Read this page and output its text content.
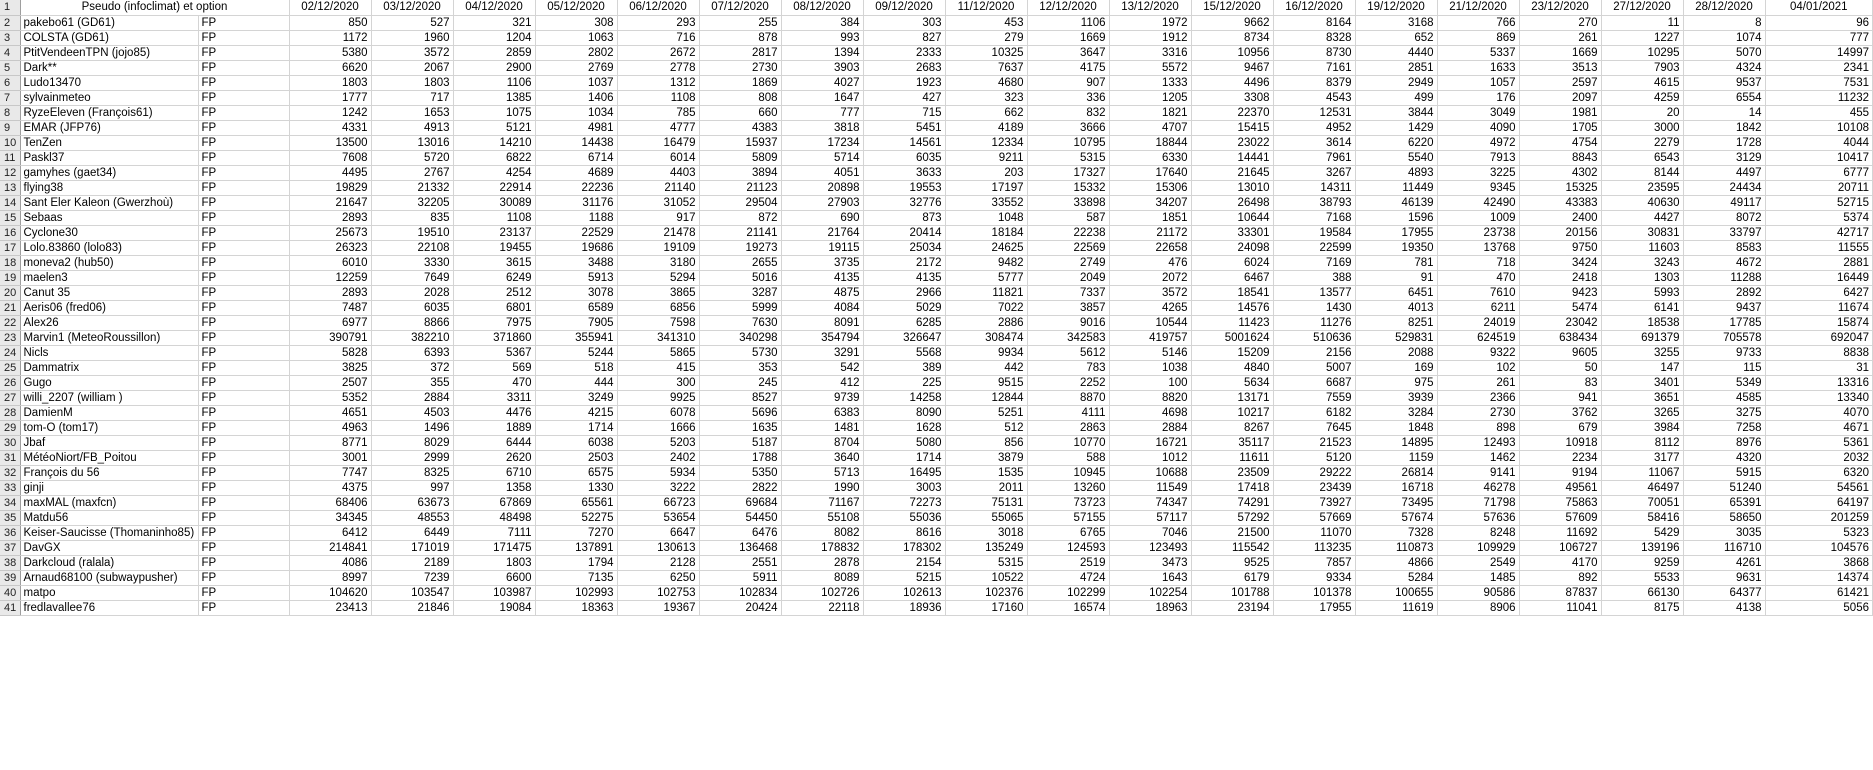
1	Pseudo (infoclimat) et option		02/12/2020	03/12/2020	04/12/2020	05/12/2020	06/12/2020	07/12/2020	08/12/2020	09/12/2020	11/12/2020	12/12/2020	13/12/2020	15/12/2020	16/12/2020	19/12/2020	21/12/2020	23/12/2020	27/12/2020	28/12/2020	04/01/2021
2	pakebo61 (GD61)	FP	850	527	321	308	293	255	384	303	453	1106	1972	9662	8164	3168	766	270	11	8	96
3	COLSTA (GD61)	FP	1172	1960	1204	1063	716	878	993	827	279	1669	1912	8734	8328	652	869	261	1227	1074	777
4	PtitVendeenTPN (jojo85)	FP	5380	3572	2859	2802	2672	2817	1394	2333	10325	3647	3316	10956	8730	4440	5337	1669	10295	5070	14997
5	Dark**	FP	6620	2067	2900	2769	2778	2730	3903	2683	7637	4175	5572	9467	7161	2851	1633	3513	7903	4324	2341
6	Ludo13470	FP	1803	1803	1106	1037	1312	1869	4027	1923	4680	907	1333	4496	8379	2949	1057	2597	4615	9537	7531
7	sylvainmeteo	FP	1777	717	1385	1406	1108	808	1647	427	323	336	1205	3308	4543	499	176	2097	4259	6554	11232
8	RyzeEleven (François61)	FP	1242	1653	1075	1034	785	660	777	715	662	832	1821	22370	12531	3844	3049	1981	20	14	455
9	EMAR (JFP76)	FP	4331	4913	5121	4981	4777	4383	3818	5451	4189	3666	4707	15415	4952	1429	4090	1705	3000	1842	10108
10	TenZen	FP	13500	13016	14210	14438	16479	15937	17234	14561	12334	10795	18844	23022	3614	6220	4972	4754	2279	1728	4044
11	Paskl37	FP	7608	5720	6822	6714	6014	5809	5714	6035	9211	5315	6330	14441	7961	5540	7913	8843	6543	3129	10417
12	gamyhes (gaet34)	FP	4495	2767	4254	4689	4403	3894	4051	3633	203	17327	17640	21645	3267	4893	3225	4302	8144	4497	6777
13	flying38	FP	19829	21332	22914	22236	21140	21123	20898	19553	17197	15332	15306	13010	14311	11449	9345	15325	23595	24434	20711
14	Sant Eler Kaleon (Gwerzhoù)	FP	21647	32205	30089	31176	31052	29504	27903	32776	33552	33898	34207	26498	38793	46139	42490	43383	40630	49117	52715
15	Sebaas	FP	2893	835	1108	1188	917	872	690	873	1048	587	1851	10644	7168	1596	1009	2400	4427	8072	5374
16	Cyclone30	FP	25673	19510	23137	22529	21478	21141	21764	20414	18184	22238	21172	33301	19584	17955	23738	20156	30831	33797	42717
17	Lolo.83860 (lolo83)	FP	26323	22108	19455	19686	19109	19273	19115	25034	24625	22569	22658	24098	22599	19350	13768	9750	11603	8583	11555
18	moneva2 (hub50)	FP	6010	3330	3615	3488	3180	2655	3735	2172	9482	2749	476	6024	7169	781	718	3424	3243	4672	2881
19	maelen3	FP	12259	7649	6249	5913	5294	5016	4135	4135	5777	2049	2072	6467	388	91	470	2418	1303	11288	16449
20	Canut 35	FP	2893	2028	2512	3078	3865	3287	4875	2966	11821	7337	3572	18541	13577	6451	7610	9423	5993	2892	6427
21	Aeris06 (fred06)	FP	7487	6035	6801	6589	6856	5999	4084	5029	7022	3857	4265	14576	1430	4013	6211	5474	6141	9437	11674
22	Alex26	FP	6977	8866	7975	7905	7598	7630	8091	6285	2886	9016	10544	11423	11276	8251	24019	23042	18538	17785	15874
23	Marvin1 (MeteoRoussillon)	FP	390791	382210	371860	355941	341310	340298	354794	326647	308474	342583	419757	5001624	510636	529831	624519	638434	691379	705578	692047
24	Nicls	FP	5828	6393	5367	5244	5865	5730	3291	5568	9934	5612	5146	15209	2156	2088	9322	9605	3255	9733	8838
25	Dammatrix	FP	3825	372	569	518	415	353	542	389	442	783	1038	4840	5007	169	102	50	147	115	31
26	Gugo	FP	2507	355	470	444	300	245	412	225	9515	2252	100	5634	6687	975	261	83	3401	5349	13316
27	willi_2207 (william )	FP	5352	2884	3311	3249	9925	8527	9739	14258	12844	8870	8820	13171	7559	3939	2366	941	3651	4585	13340
28	DamienM	FP	4651	4503	4476	4215	6078	5696	6383	8090	5251	4111	4698	10217	6182	3284	2730	3762	3265	3275	4070
29	tom-O (tom17)	FP	4963	1496	1889	1714	1666	1635	1481	1628	512	2863	2884	8267	7645	1848	898	679	3984	7258	4671
30	Jbaf	FP	8771	8029	6444	6038	5203	5187	8704	5080	856	10770	16721	35117	21523	14895	12493	10918	8112	8976	5361
31	MétéoNiort/FB_Poitou	FP	3001	2999	2620	2503	2402	1788	3640	1714	3879	588	1012	11611	5120	1159	1462	2234	3177	4320	2032
32	François du 56	FP	7747	8325	6710	6575	5934	5350	5713	16495	1535	10945	10688	23509	29222	26814	9141	9194	11067	5915	6320
33	ginji	FP	4375	997	1358	1330	3222	2822	1990	3003	2011	13260	11549	17418	23439	16718	46278	49561	46497	51240	54561
34	maxMAL (maxfcn)	FP	68406	63673	67869	65561	66723	69684	71167	72273	75131	73723	74347	74291	73927	73495	71798	75863	70051	65391	64197
35	Matdu56	FP	34345	48553	48498	52275	53654	54450	55108	55036	55065	57155	57117	57292	57669	57674	57636	57609	58416	58650	201259
36	Keiser-Saucisse (Thomaninho85)	FP	6412	6449	7111	7270	6647	6476	8082	8616	3018	6765	7046	21500	11070	7328	8248	11692	5429	3035	5323
37	DavGX	FP	214841	171019	171475	137891	130613	136468	178832	178302	135249	124593	123493	115542	113235	110873	109929	106727	139196	116710	104576
38	Darkcloud (ralala)	FP	4086	2189	1803	1794	2128	2551	2878	2154	5315	2519	3473	9525	7857	4866	2549	4170	9259	4261	3868
39	Arnaud68100 (subwaypusher)	FP	8997	7239	6600	7135	6250	5911	8089	5215	10522	4724	1643	6179	9334	5284	1485	892	5533	9631	14374
40	matpo	FP	104620	103547	103987	102993	102753	102834	102726	102613	102376	102299	102254	101788	101378	100655	90586	87837	66130	64377	61421
41	fredlavallee76	FP	23413	21846	19084	18363	19367	20424	22118	18936	17160	16574	18963	23194	17955	11619	8906	11041	8175	4138	5056
